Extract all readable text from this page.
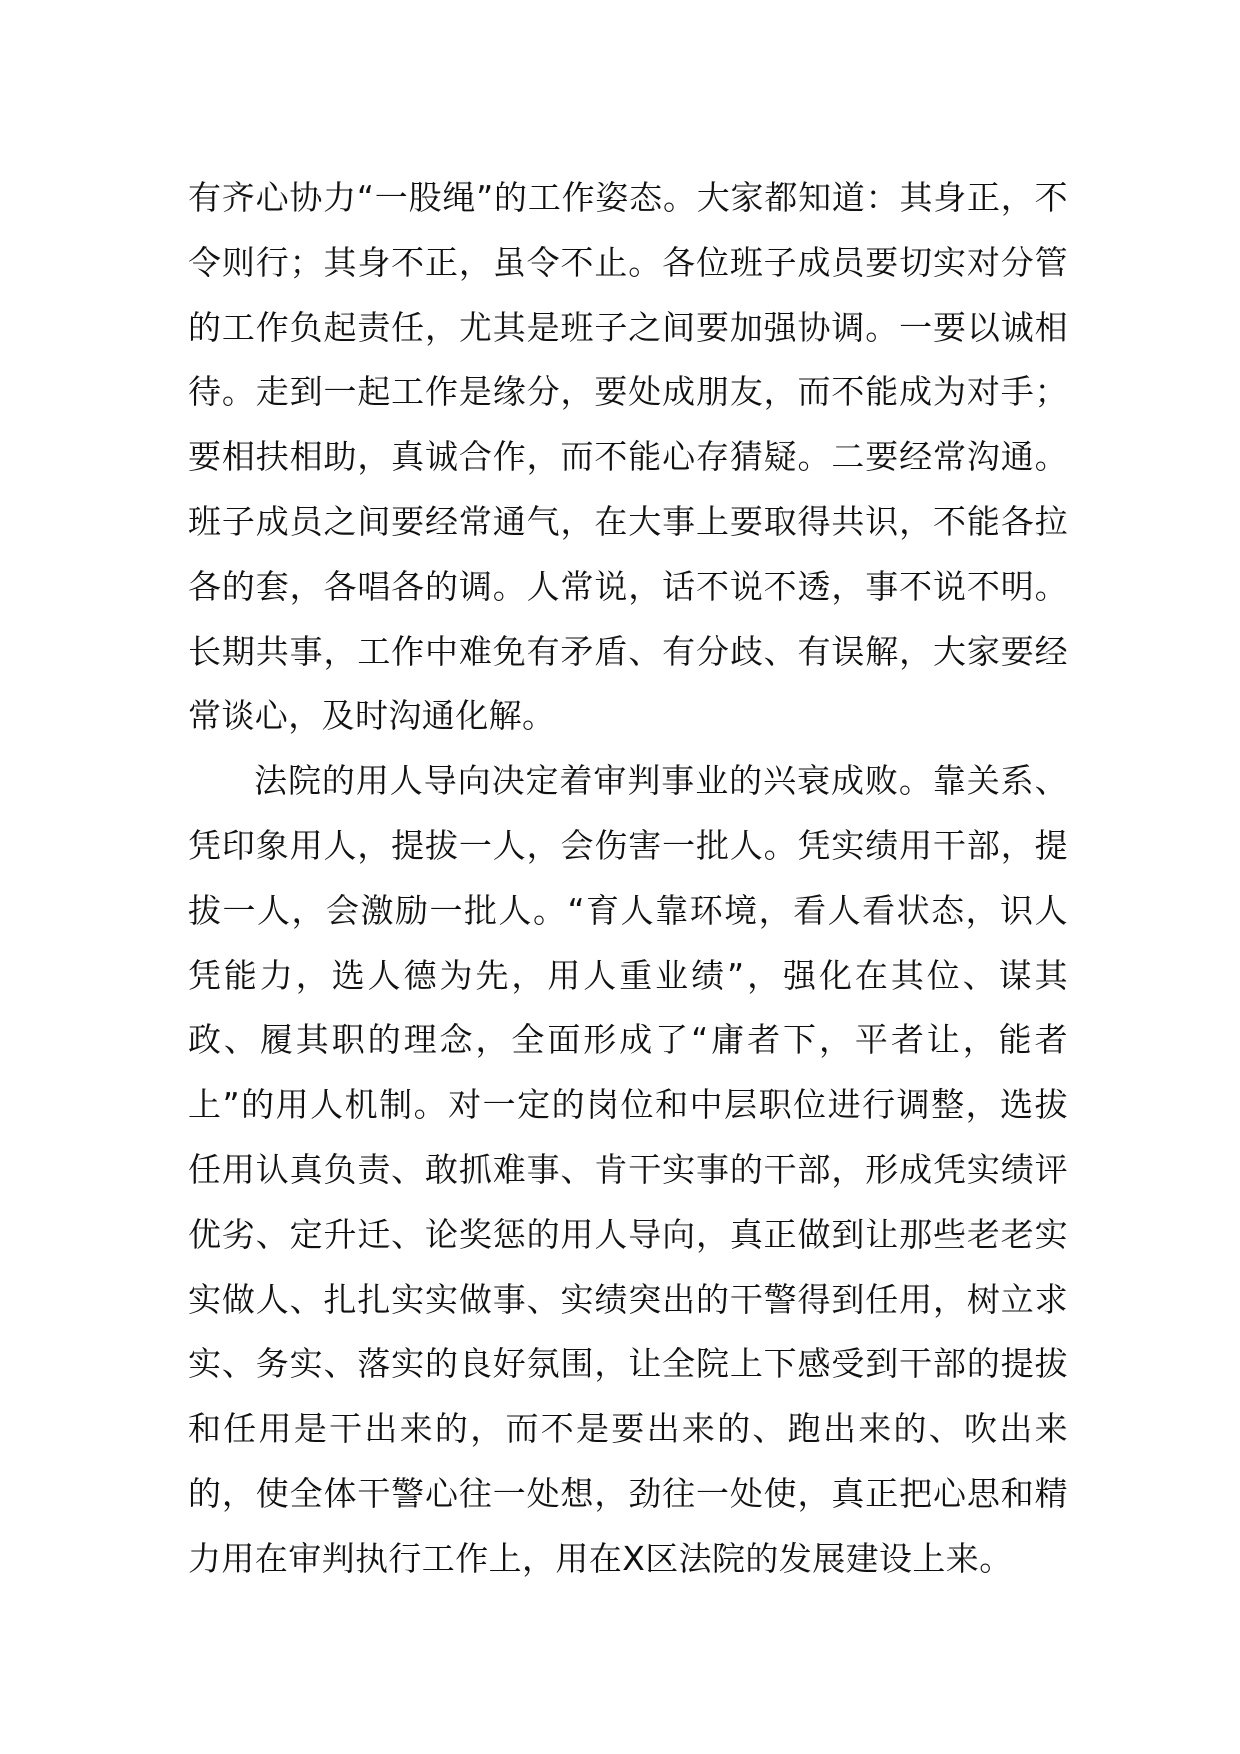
有齐心协力“一股绳”的工作姿态。大家都知道：其身正，不令则行；其身不正，虽令不止。各位班子成员要切实对分管的工作负起责任，尤其是班子之间要加强协调。一要以诚相待。走到一起工作是缘分，要处成朋友，而不能成为对手；要相扶相助，真诚合作，而不能心存猜疑。二要经常沟通。班子成员之间要经常通气，在大事上要取得共识，不能各拉各的套，各唱各的调。人常说，话不说不透，事不说不明。长期共事，工作中难免有矛盾、有分歧、有误解，大家要经常谈心，及时沟通化解。

法院的用人导向决定着审判事业的兴衰成败。靠关系、凭印象用人，提拔一人，会伤害一批人。凭实绩用干部，提拔一人，会激励一批人。“育人靠环境，看人看状态，识人凭能力，选人德为先，用人重业绩”，强化在其位、谋其政、履其职的理念，全面形成了“庸者下，平者让，能者上”的用人机制。对一定的岗位和中层职位进行调整，选拔任用认真负责、敢抓难事、肯干实事的干部，形成凭实绩评优劣、定升迁、论奖惩的用人导向，真正做到让那些老老实实做人、扎扎实实做事、实绩突出的干警得到任用，树立求实、务实、落实的良好氛围，让全院上下感受到干部的提拔和任用是干出来的，而不是要出来的、跑出来的、吹出来的，使全体干警心往一处想，劲往一处使，真正把心思和精力用在审判执行工作上，用在X区法院的发展建设上来。
